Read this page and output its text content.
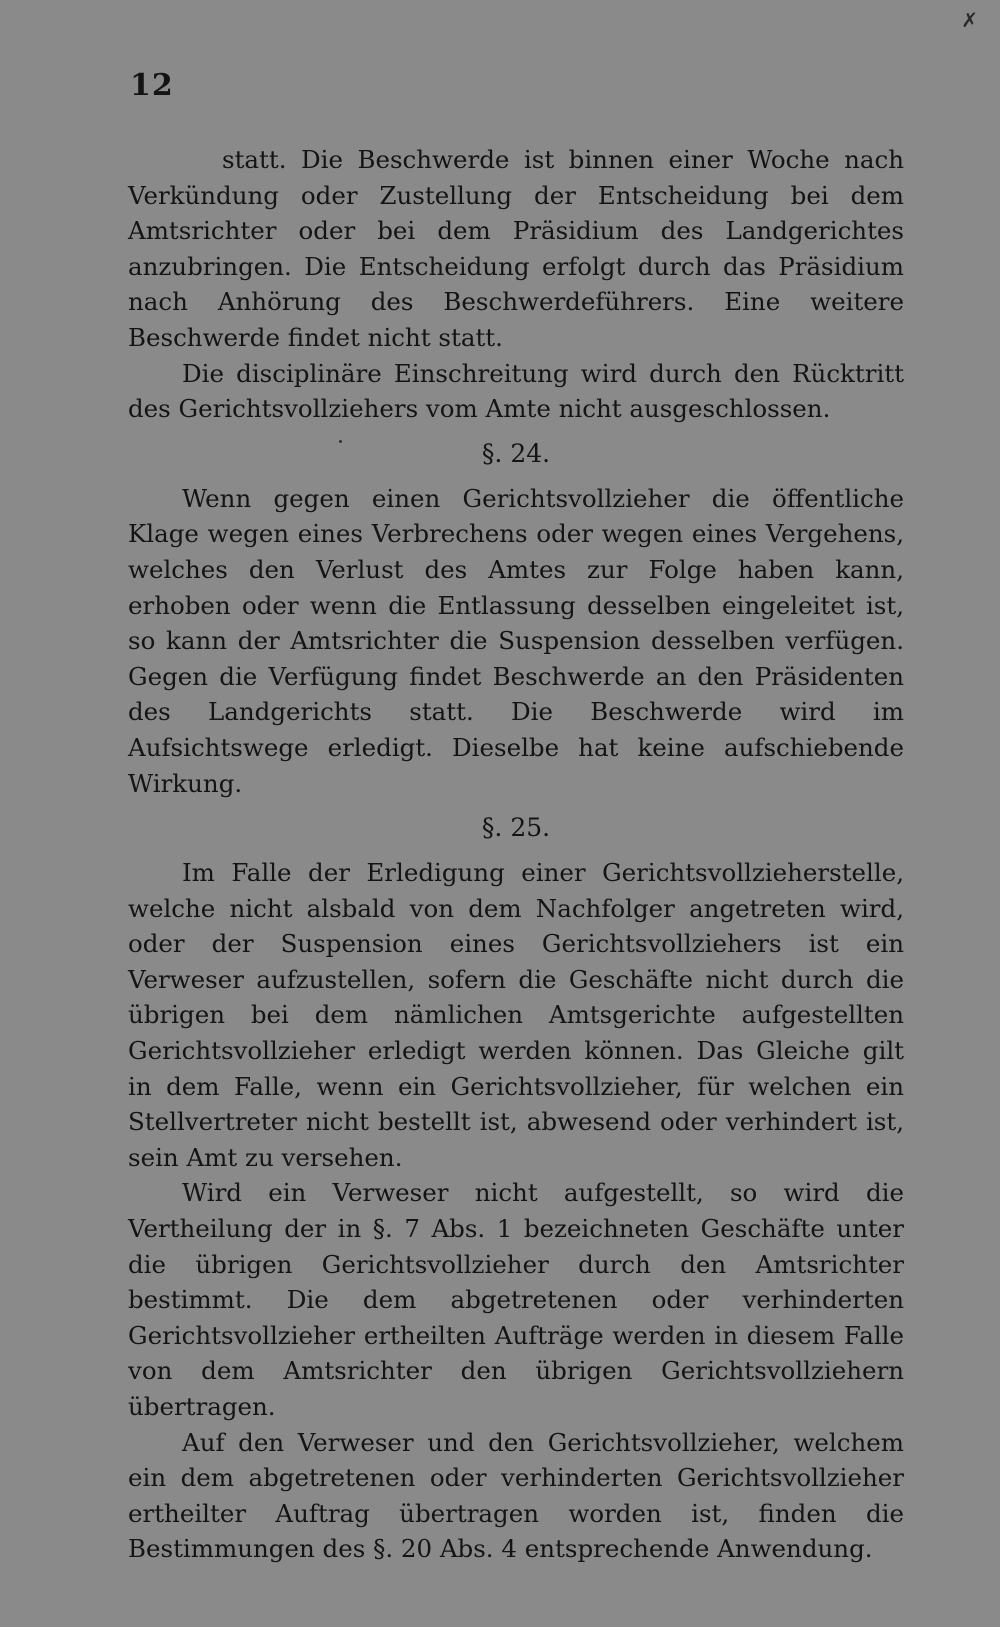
12
✗

statt. Die Beschwerde ist binnen einer Woche nach Verkündung oder Zustellung der Entscheidung bei dem Amtsrichter oder bei dem Präsidium des Landgerichtes anzubringen. Die Entscheidung erfolgt durch das Präsidium nach Anhörung des Beschwerdeführers. Eine weitere Beschwerde findet nicht statt.

Die disciplinäre Einschreitung wird durch den Rücktritt des Gerichtsvollziehers vom Amte nicht ausgeschlossen.

§. 24.

Wenn gegen einen Gerichtsvollzieher die öffentliche Klage wegen eines Verbrechens oder wegen eines Vergehens, welches den Verlust des Amtes zur Folge haben kann, erhoben oder wenn die Entlassung desselben eingeleitet ist, so kann der Amtsrichter die Suspension desselben verfügen. Gegen die Verfügung findet Beschwerde an den Präsidenten des Landgerichts statt. Die Beschwerde wird im Aufsichtswege erledigt. Dieselbe hat keine aufschiebende Wirkung.

§. 25.

Im Falle der Erledigung einer Gerichtsvollzieherstelle, welche nicht alsbald von dem Nachfolger angetreten wird, oder der Suspension eines Gerichtsvollziehers ist ein Verweser aufzustellen, sofern die Geschäfte nicht durch die übrigen bei dem nämlichen Amtsgerichte aufgestellten Gerichtsvollzieher erledigt werden können. Das Gleiche gilt in dem Falle, wenn ein Gerichtsvollzieher, für welchen ein Stellvertreter nicht bestellt ist, abwesend oder verhindert ist, sein Amt zu versehen.

Wird ein Verweser nicht aufgestellt, so wird die Vertheilung der in §. 7 Abs. 1 bezeichneten Geschäfte unter die übrigen Gerichtsvollzieher durch den Amtsrichter bestimmt. Die dem abgetretenen oder verhinderten Gerichtsvollzieher ertheilten Aufträge werden in diesem Falle von dem Amtsrichter den übrigen Gerichtsvollziehern übertragen.

Auf den Verweser und den Gerichtsvollzieher, welchem ein dem abgetretenen oder verhinderten Gerichtsvollzieher ertheilter Auftrag übertragen worden ist, finden die Bestimmungen des §. 20 Abs. 4 entsprechende Anwendung.
